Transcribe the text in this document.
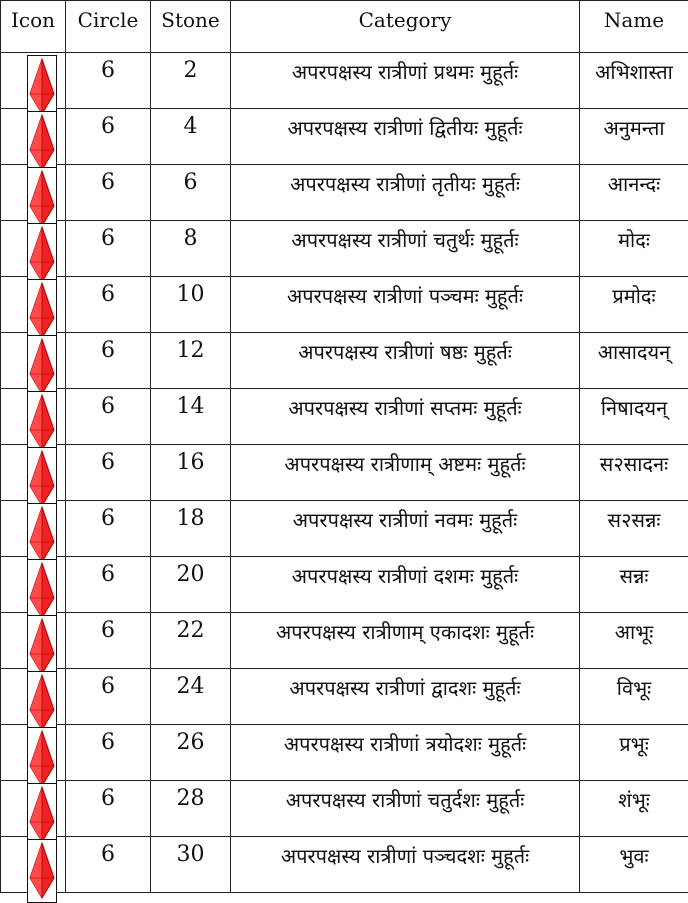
Icon	Circle	Stone	Category	Name

	6	2	अपरपक्षस्य रात्रीणां प्रथमः मुहूर्तः	अभिशास्ता

	6	4	अपरपक्षस्य रात्रीणां द्वितीयः मुहूर्तः	अनुमन्ता

	6	6	अपरपक्षस्य रात्रीणां तृतीयः मुहूर्तः	आनन्दः

	6	8	अपरपक्षस्य रात्रीणां चतुर्थः मुहूर्तः	मोदः

	6	10	अपरपक्षस्य रात्रीणां पञ्चमः मुहूर्तः	प्रमोदः

	6	12	अपरपक्षस्य रात्रीणां षष्ठः मुहूर्तः	आसादयन्

	6	14	अपरपक्षस्य रात्रीणां सप्तमः मुहूर्तः	निषादयन्

	6	16	अपरपक्षस्य रात्रीणाम् अष्टमः मुहूर्तः	स२सादनः

	6	18	अपरपक्षस्य रात्रीणां नवमः मुहूर्तः	स२सन्नः

	6	20	अपरपक्षस्य रात्रीणां दशमः मुहूर्तः	सन्नः

	6	22	अपरपक्षस्य रात्रीणाम् एकादशः मुहूर्तः	आभूः

	6	24	अपरपक्षस्य रात्रीणां द्वादशः मुहूर्तः	विभूः

	6	26	अपरपक्षस्य रात्रीणां त्रयोदशः मुहूर्तः	प्रभूः

	6	28	अपरपक्षस्य रात्रीणां चतुर्दशः मुहूर्तः	शंभूः

	6	30	अपरपक्षस्य रात्रीणां पञ्चदशः मुहूर्तः	भुवः
